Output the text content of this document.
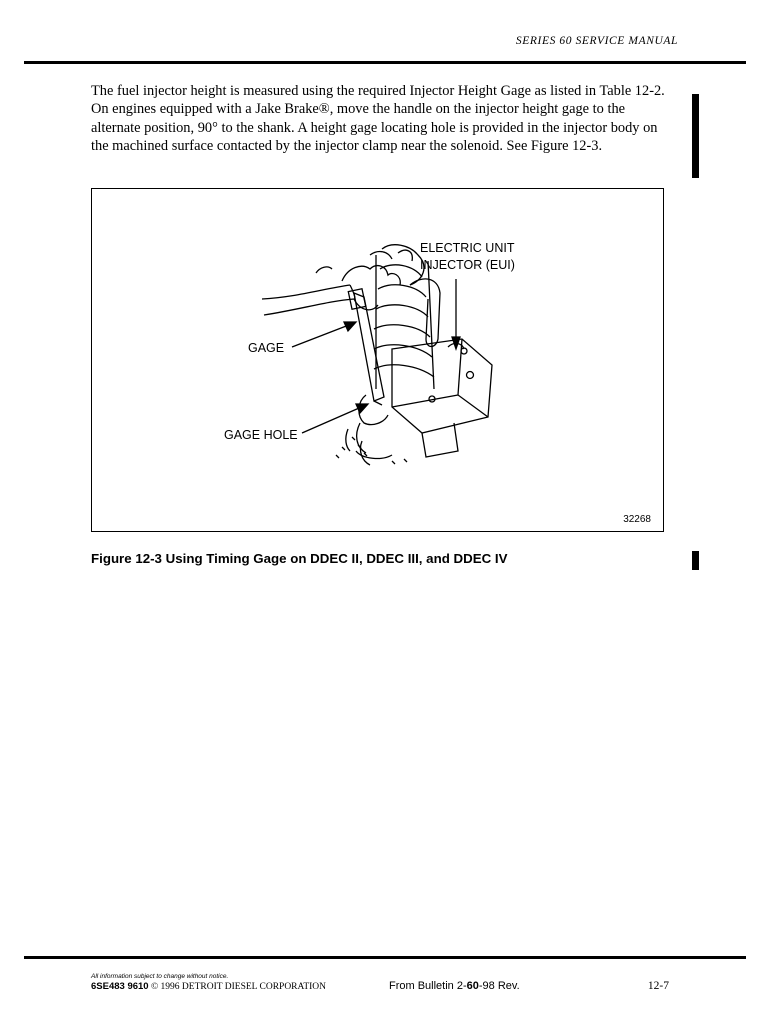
SERIES 60 SERVICE MANUAL

The fuel injector height is measured using the required Injector Height Gage as listed in Table 12-2. On engines equipped with a Jake Brake®, move the handle on the injector height gage to the alternate position, 90° to the shank. A height gage locating hole is provided in the injector body on the machined surface contacted by the injector clamp near the solenoid. See Figure 12-3.

ELECTRIC UNIT
INJECTOR (EUI)
GAGE
GAGE HOLE
32268
Figure 12-3 Using Timing Gage on DDEC II, DDEC III, and DDEC IV
All information subject to change without notice.
6SE483 9610 © 1996 DETROIT DIESEL CORPORATION	From Bulletin 2-60-98 Rev.	12-7
